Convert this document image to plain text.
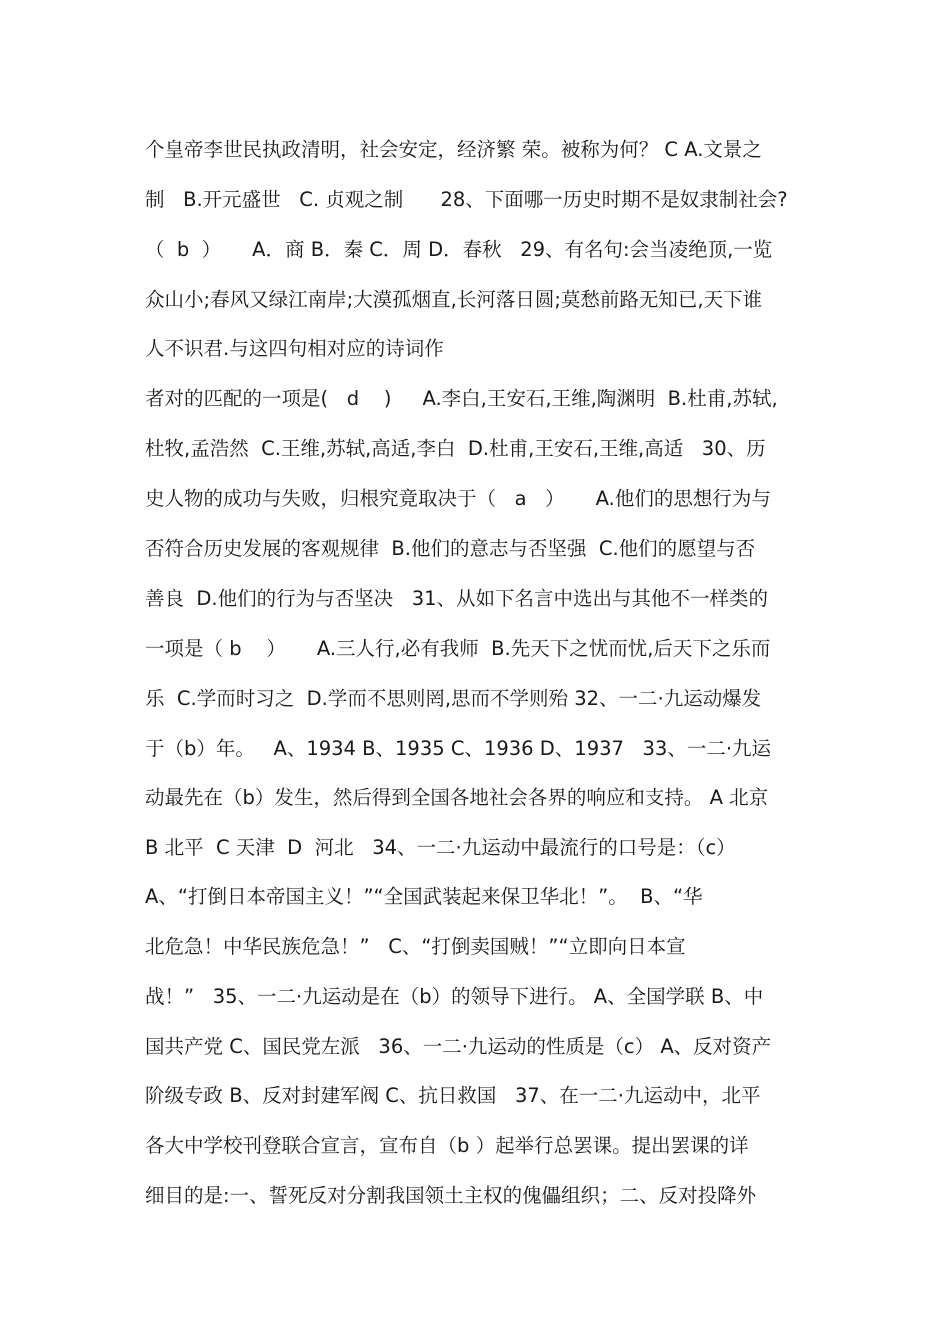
个皇帝李世民执政清明，社会安定，经济繁 荣。被称为何？ C A.文景之
制   B.开元盛世   C. 贞观之制      28、下面哪一历史时期不是奴隶制社会?
（  b  ）     A．商 B．秦 C．周 D．春秋   29、有名句:会当凌绝顶,一览
众山小;春风又绿江南岸;大漠孤烟直,长河落日圆;莫愁前路无知已,天下谁
人不识君.与这四句相对应的诗词作
者对的匹配的一项是(   d    )     A.李白,王安石,王维,陶渊明  B.杜甫,苏轼,
杜牧,孟浩然  C.王维,苏轼,高适,李白  D.杜甫,王安石,王维,高适   30、历
史人物的成功与失败，归根究竟取决于（   a   ）     A.他们的思想行为与
否符合历史发展的客观规律  B.他们的意志与否坚强  C.他们的愿望与否
善良  D.他们的行为与否坚决   31、从如下名言中选出与其他不一样类的
一项是（ b    ）     A.三人行,必有我师  B.先天下之忧而忧,后天下之乐而
乐  C.学而时习之  D.学而不思则罔,思而不学则殆 32、一二·九运动爆发
于（b）年。   A、1934 B、1935 C、1936 D、1937   33、一二·九运
动最先在（b）发生，然后得到全国各地社会各界的响应和支持。 A 北京
B 北平  C 天津  D  河北   34、一二·九运动中最流行的口号是：（c）
A、“打倒日本帝国主义！”“全国武装起来保卫华北！”。  B、“华
北危急！中华民族危急！”   C、“打倒卖国贼！”“立即向日本宣
战！”   35、一二·九运动是在（b）的领导下进行。 A、全国学联 B、中
国共产党 C、国民党左派   36、一二·九运动的性质是（c） A、反对资产
阶级专政 B、反对封建军阀 C、抗日救国   37、在一二·九运动中，北平
各大中学校刊登联合宣言，宣布自（b ）起举行总罢课。提出罢课的详
细目的是:一、誓死反对分割我国领土主权的傀儡组织；二、反对投降外
